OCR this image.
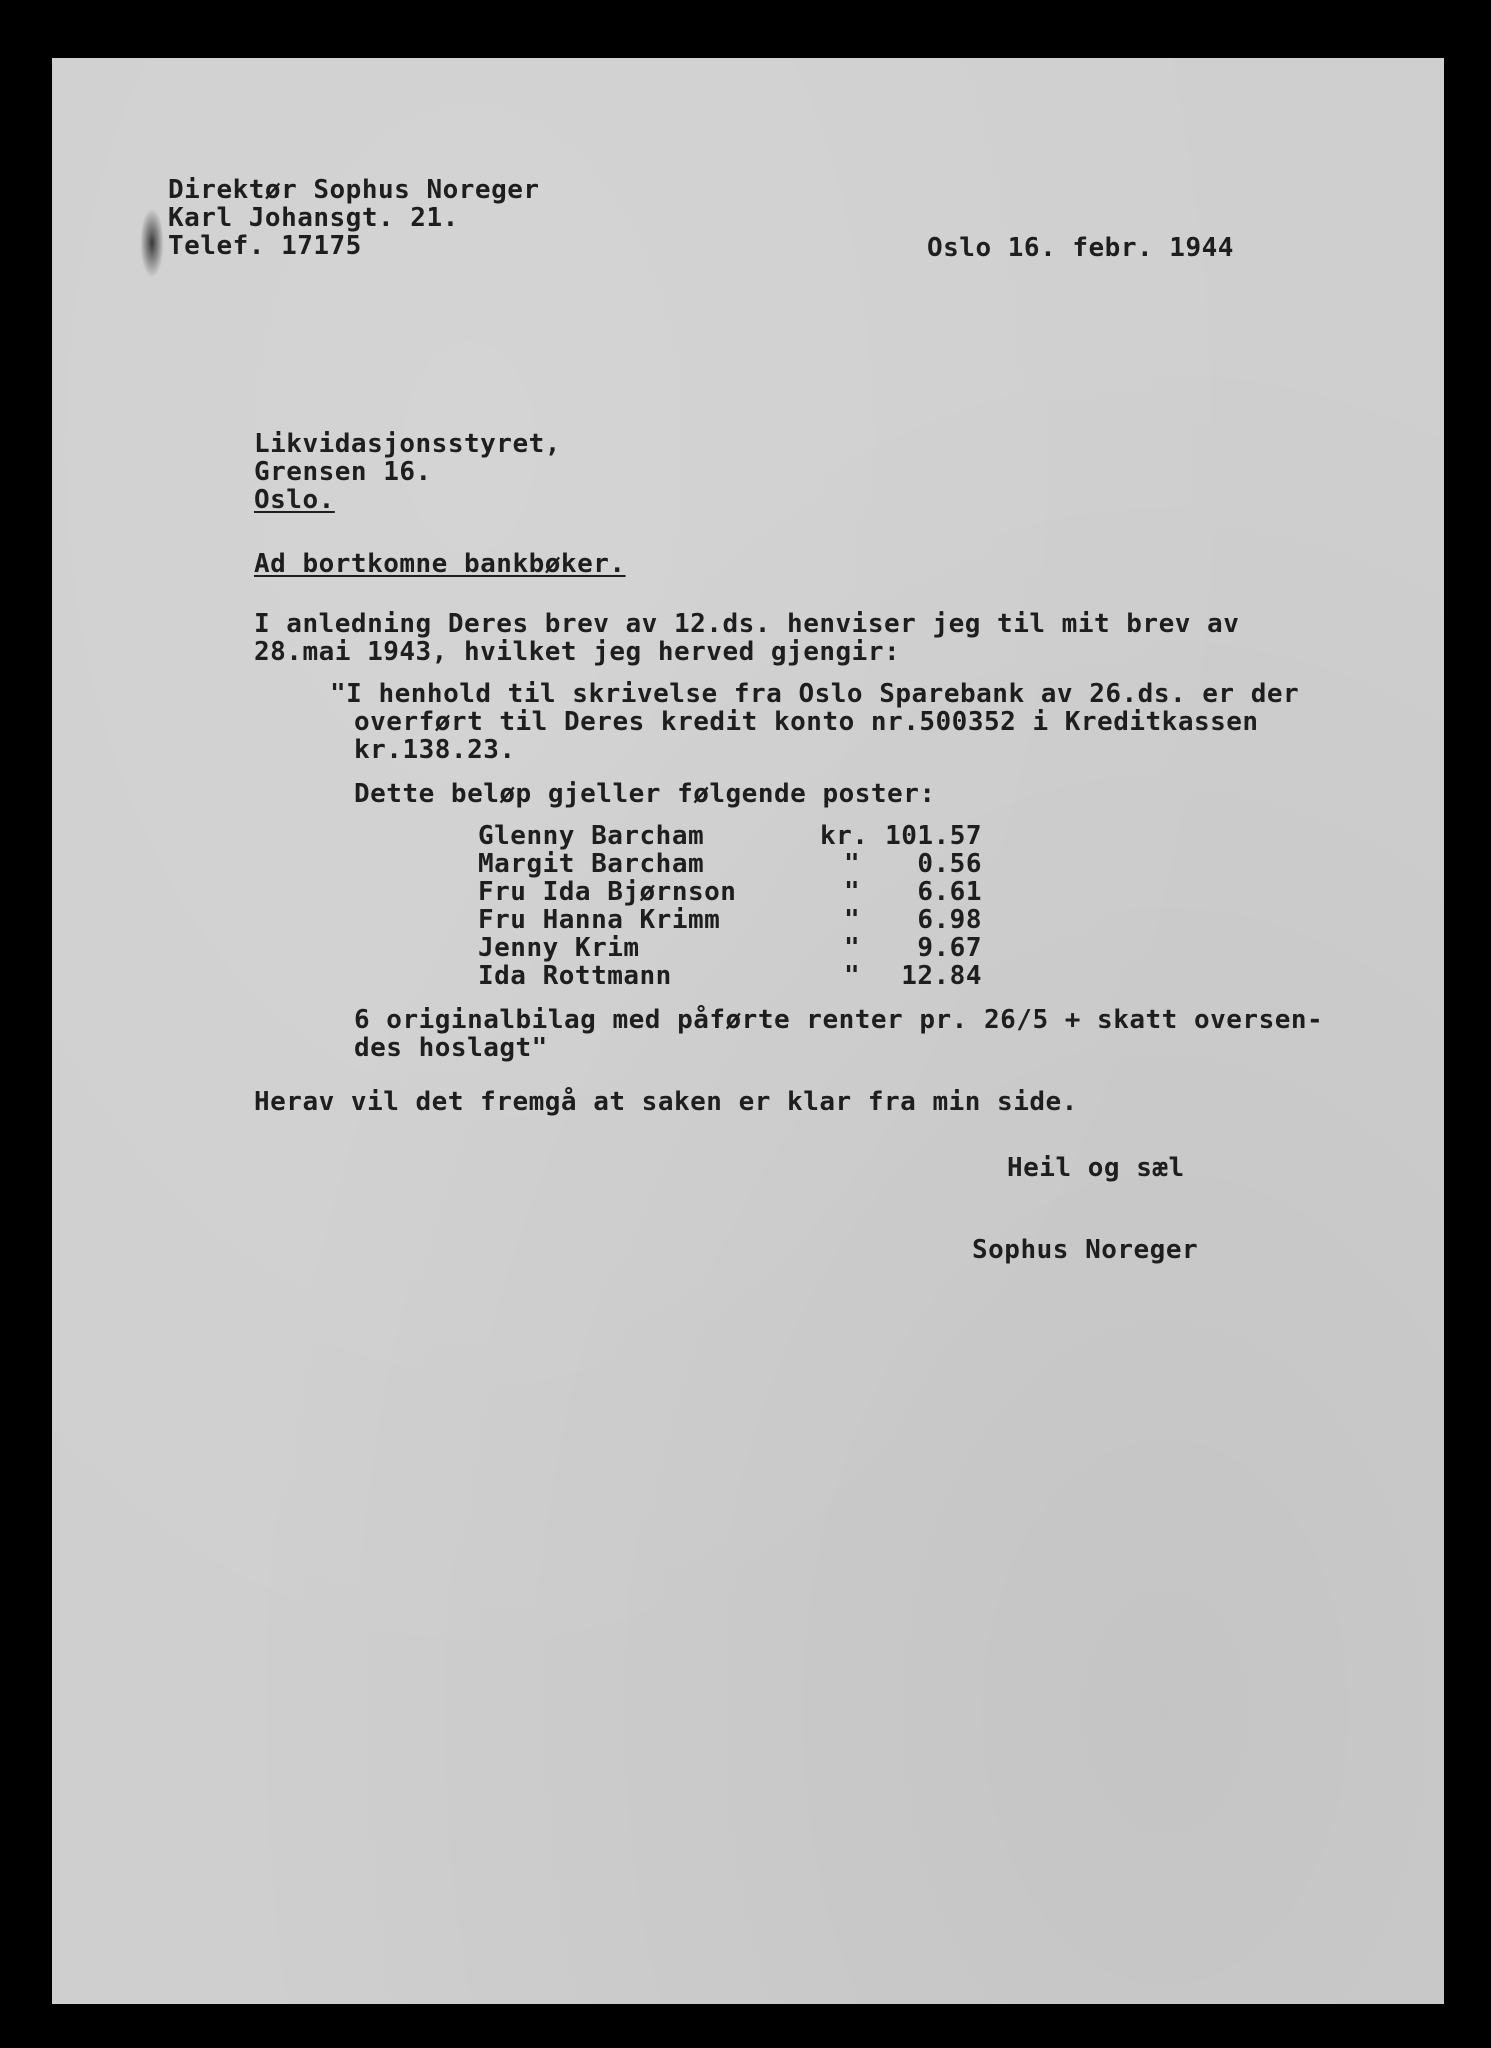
Direktør Sophus Noreger
Karl Johansgt. 21.
Telef. 17175	Oslo 16. febr. 1944
Likvidasjonsstyret,
Grensen 16.
Oslo.
Ad bortkomne bankbøker.
I anledning Deres brev av 12.ds. henviser jeg til mit brev av
28.mai 1943, hvilket jeg herved gjengir:
"I henhold til skrivelse fra Oslo Sparebank av 26.ds. er der
overført til Deres kredit konto nr.500352 i Kreditkassen
kr.138.23.
Dette beløp gjeller følgende poster:
Glenny Barcham	kr. 101.57
Margit Barcham	"	0.56
Fru Ida Bjørnson	"	6.61
Fru Hanna Krimm	"	6.98
Jenny Krim	"	9.67
Ida Rottmann	"	12.84
6 originalbilag med påførte renter pr. 26/5 + skatt oversen-
des hoslagt"
Herav vil det fremgå at saken er klar fra min side.
Heil og sæl
Sophus Noreger
